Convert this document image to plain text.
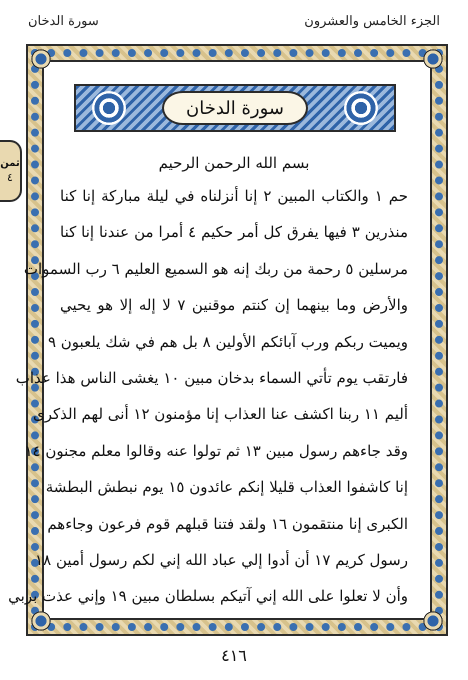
سورة الدخان	الجزء الخامس والعشرون
ثمن
٤
سورة الدخان
بسم الله الرحمن الرحيم
حم ١ والكتاب المبين ٢ إنا أنزلناه في ليلة مباركة إنا كنا
منذرين ٣ فيها يفرق كل أمر حكيم ٤ أمرا من عندنا إنا كنا
مرسلين ٥ رحمة من ربك إنه هو السميع العليم ٦ رب السموات
والأرض وما بينهما إن كنتم موقنين ٧ لا إله إلا هو يحيي
ويميت ربكم ورب آبائكم الأولين ٨ بل هم في شك يلعبون ٩
فارتقب يوم تأتي السماء بدخان مبين ١٠ يغشى الناس هذا عذاب
أليم ١١ ربنا اكشف عنا العذاب إنا مؤمنون ١٢ أنى لهم الذكرى
وقد جاءهم رسول مبين ١٣ ثم تولوا عنه وقالوا معلم مجنون ١٤
إنا كاشفوا العذاب قليلا إنكم عائدون ١٥ يوم نبطش البطشة
الكبرى إنا منتقمون ١٦ ولقد فتنا قبلهم قوم فرعون وجاءهم
رسول كريم ١٧ أن أدوا إلي عباد الله إني لكم رسول أمين ١٨
وأن لا تعلوا على الله إني آتيكم بسلطان مبين ١٩ وإني عذت بربي
٤١٦
